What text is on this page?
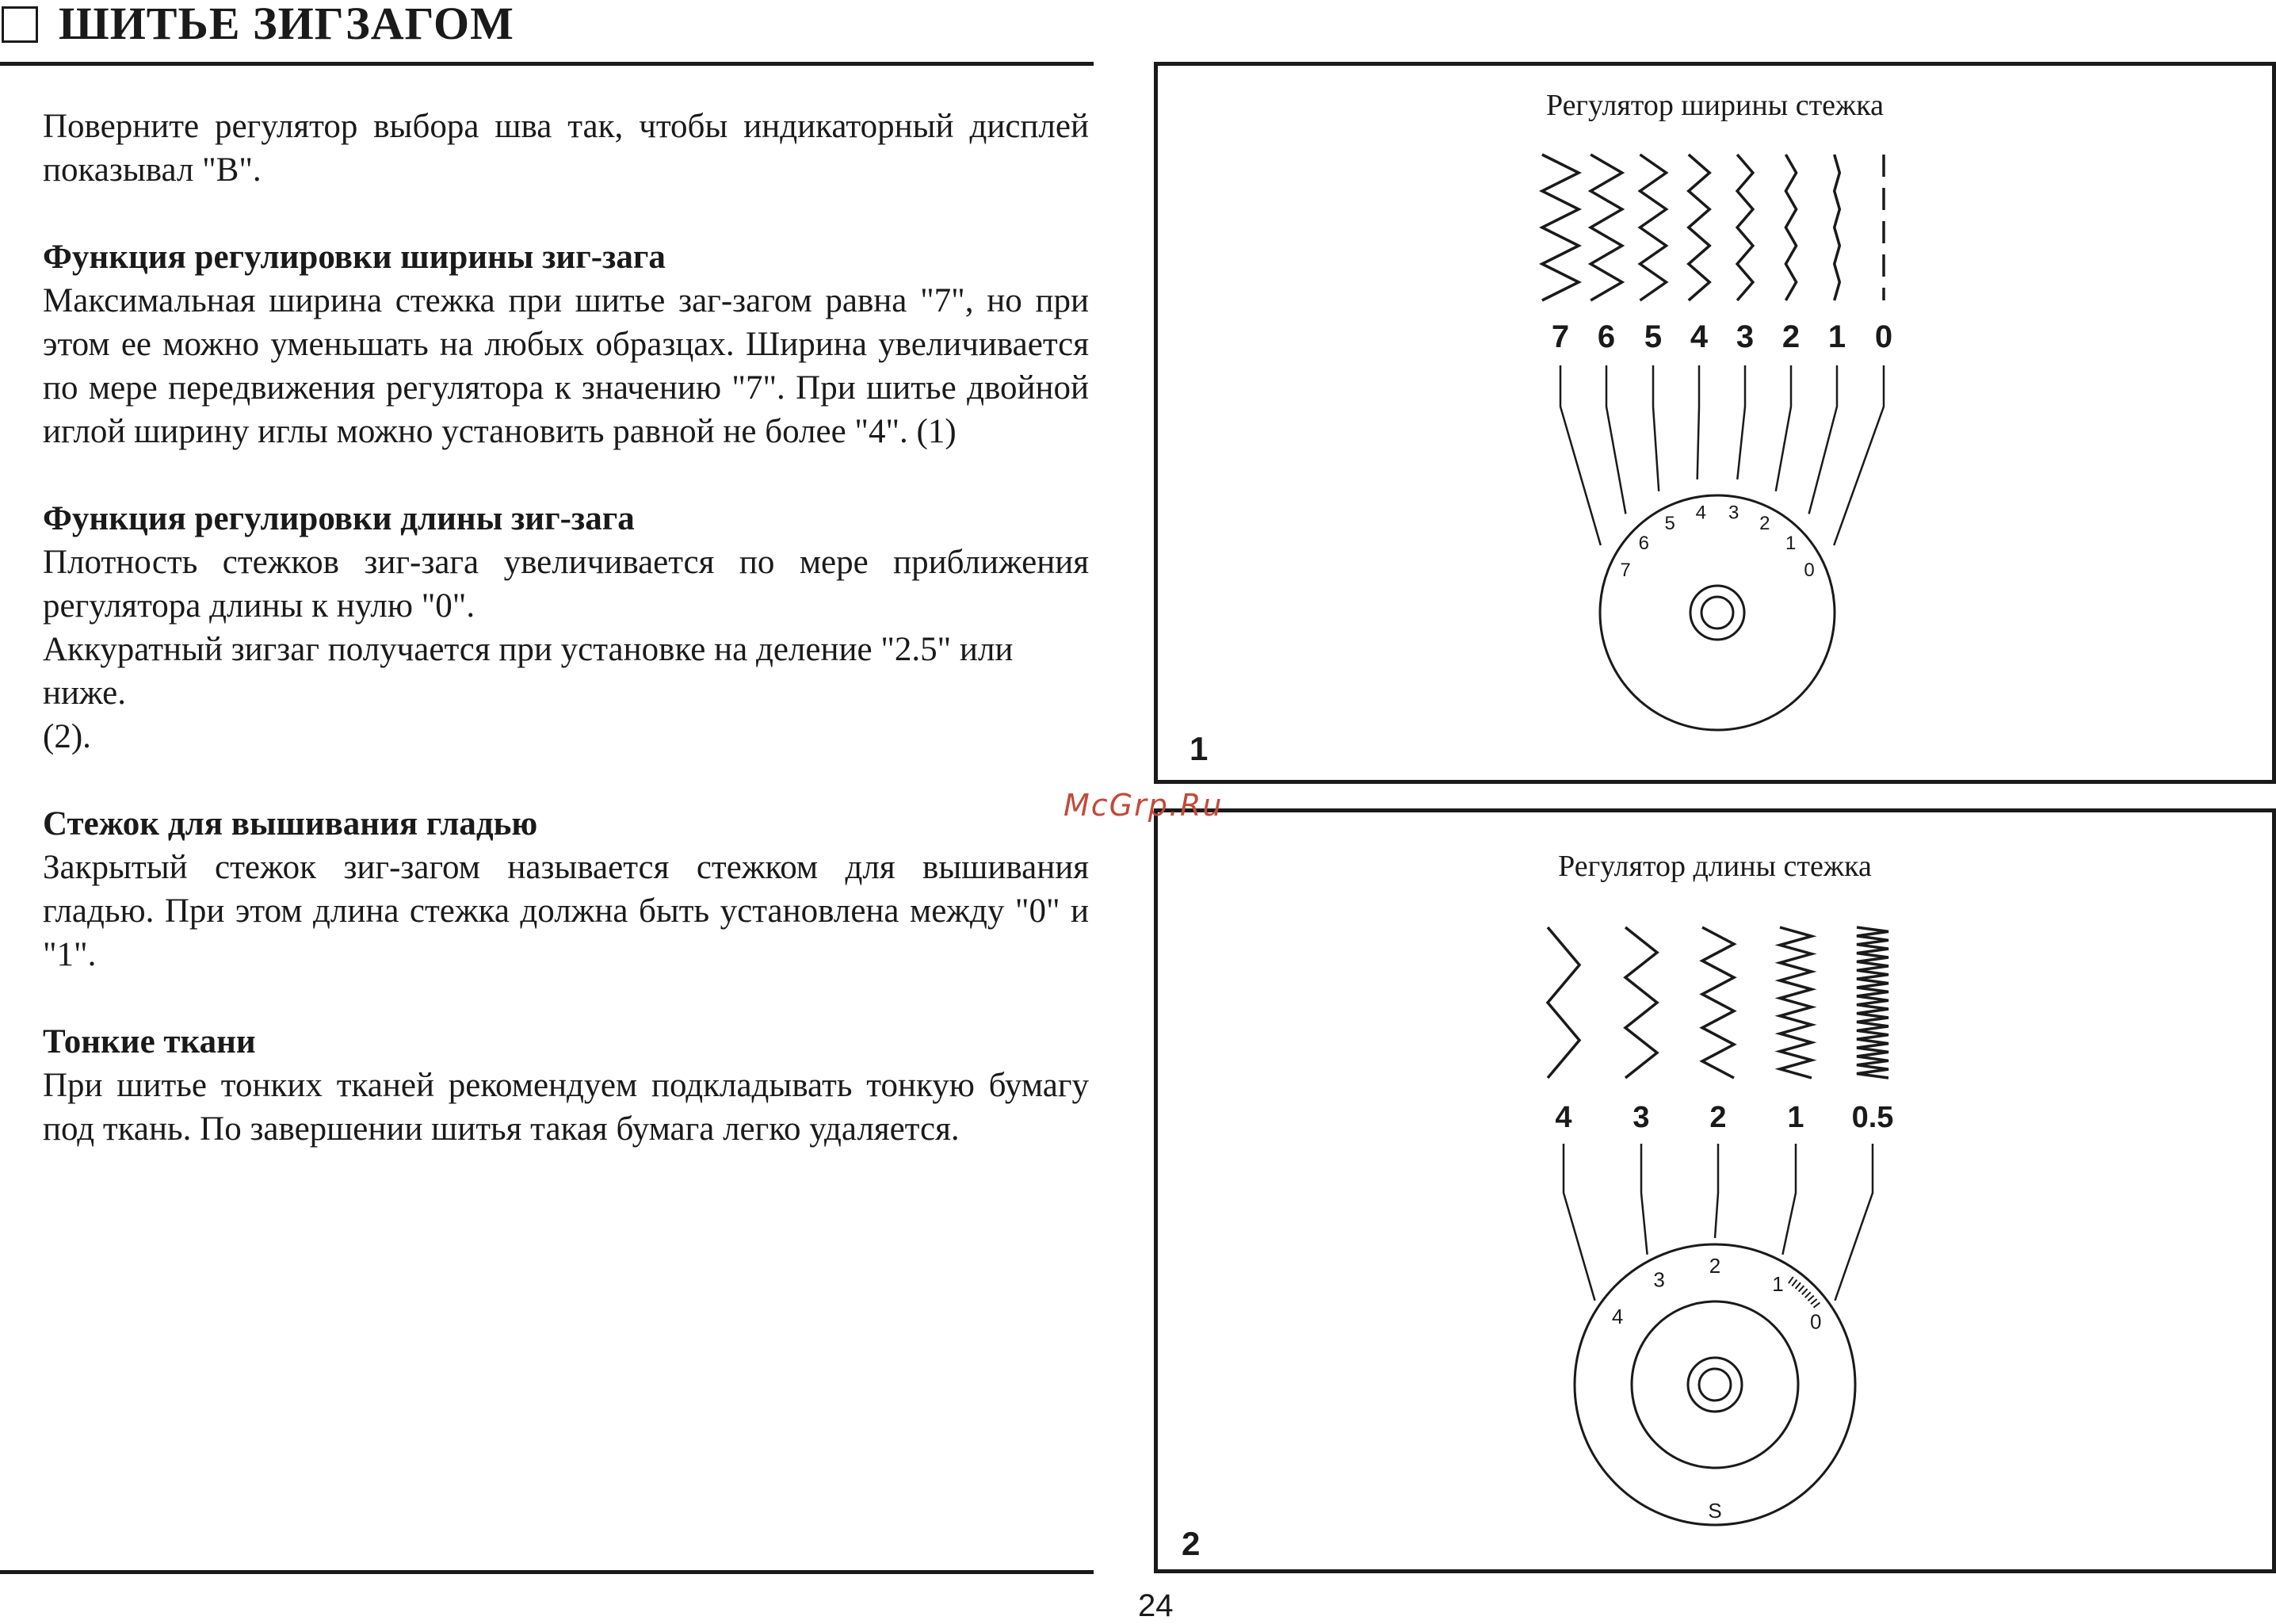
ШИТЬЕ ЗИГЗАГОМ

Поверните регулятор выбора шва так, чтобы индикаторный дисплей показывал "B".

Функция регулировки ширины зиг-зага

Максимальная ширина стежка при шитье заг-загом равна "7", но при этом ее можно уменьшать на любых образцах. Ширина увеличивается по мере передвижения регулятора к значению "7". При шитье двойной иглой ширину иглы можно установить равной не более "4". (1)

Функция регулировки длины зиг-зага

Плотность стежков зиг-зага увеличивается по мере приближения регулятора длины к нулю "0".

Аккуратный зигзаг получается при установке на деление "2.5" или ниже.

(2).

Стежок для вышивания гладью

Закрытый стежок зиг-загом называется стежком для вышивания гладью. При этом длина стежка должна быть установлена между "0" и "1".

Тонкие ткани

При шитье тонких тканей рекомендуем подкладывать тонкую бумагу под ткань. По завершении шитья такая бумага легко удаляется.

Регулятор ширины стежка
7 6 5 4 3 2 1 0
7
6
5 4 3 2
1
0
1
Регулятор длины стежка
4 3 2 1 0.5
4
3
2
1
0
S
2
McGrp.Ru
24
